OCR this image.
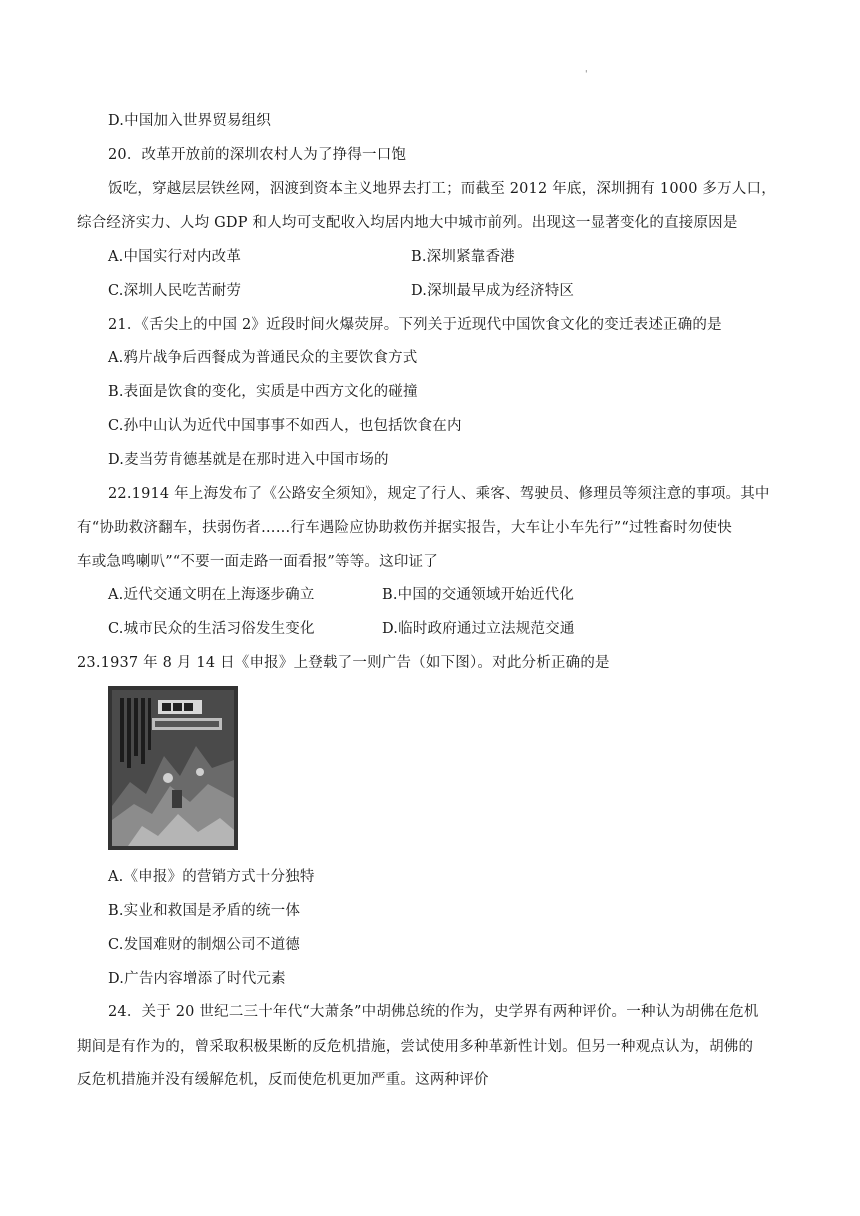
'
D.中国加入世界贸易组织
20．改革开放前的深圳农村人为了挣得一口饱
饭吃，穿越层层铁丝网，泅渡到资本主义地界去打工；而截至 2012 年底，深圳拥有 1000 多万人口，
综合经济实力、人均 GDP 和人均可支配收入均居内地大中城市前列。出现这一显著变化的直接原因是
A.中国实行对内改革	B.深圳紧靠香港
C.深圳人民吃苦耐劳	D.深圳最早成为经济特区
21．《舌尖上的中国 2》近段时间火爆荧屏。下列关于近现代中国饮食文化的变迁表述正确的是
A.鸦片战争后西餐成为普通民众的主要饮食方式
B.表面是饮食的变化，实质是中西方文化的碰撞
C.孙中山认为近代中国事事不如西人，也包括饮食在内
D.麦当劳肯德基就是在那时进入中国市场的
22.1914 年上海发布了《公路安全须知》，规定了行人、乘客、驾驶员、修理员等须注意的事项。其中
有“协助救济翻车，扶弱伤者……行车遇险应协助救伤并据实报告，大车让小车先行”“过牲畜时勿使快
车或急鸣喇叭”“不要一面走路一面看报”等等。这印证了
A.近代交通文明在上海逐步确立	B.中国的交通领域开始近代化
C.城市民众的生活习俗发生变化	D.临时政府通过立法规范交通
23.1937 年 8 月 14 日《申报》上登载了一则广告（如下图）。对此分析正确的是
A.《申报》的营销方式十分独特
B.实业和救国是矛盾的统一体
C.发国难财的制烟公司不道德
D.广告内容增添了时代元素
24．关于 20 世纪二三十年代“大萧条”中胡佛总统的作为，史学界有两种评价。一种认为胡佛在危机
期间是有作为的，曾采取积极果断的反危机措施，尝试使用多种革新性计划。但另一种观点认为，胡佛的
反危机措施并没有缓解危机，反而使危机更加严重。这两种评价
